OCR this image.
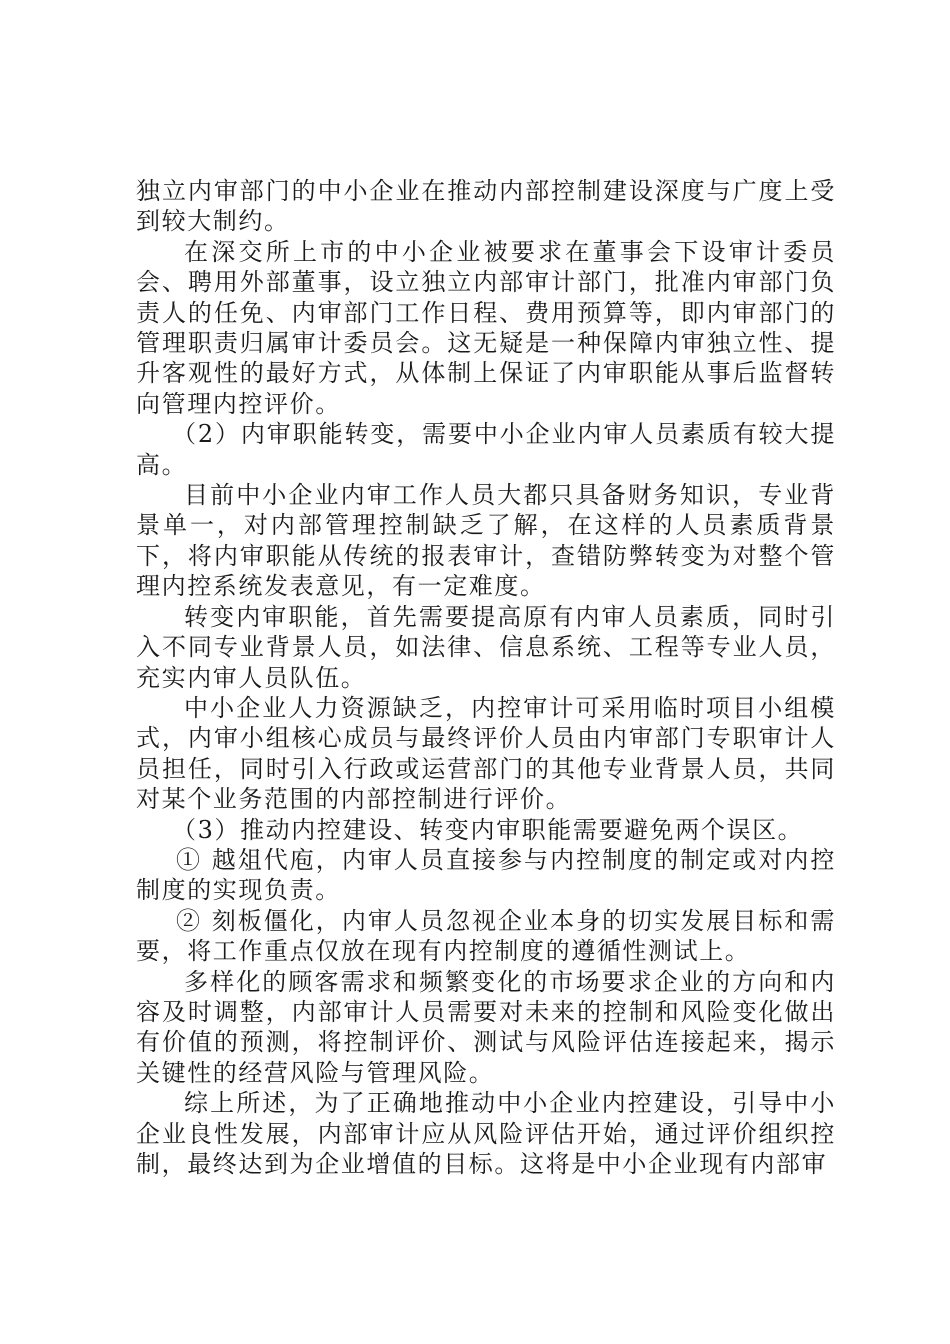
独立内审部门的中小企业在推动内部控制建设深度与广度上受到较大制约。

在深交所上市的中小企业被要求在董事会下设审计委员会、聘用外部董事，设立独立内部审计部门，批准内审部门负责人的任免、内审部门工作日程、费用预算等，即内审部门的管理职责归属审计委员会。这无疑是一种保障内审独立性、提升客观性的最好方式，从体制上保证了内审职能从事后监督转向管理内控评价。

（2）内审职能转变，需要中小企业内审人员素质有较大提高。

目前中小企业内审工作人员大都只具备财务知识，专业背景单一，对内部管理控制缺乏了解，在这样的人员素质背景下，将内审职能从传统的报表审计，查错防弊转变为对整个管理内控系统发表意见，有一定难度。

转变内审职能，首先需要提高原有内审人员素质，同时引入不同专业背景人员，如法律、信息系统、工程等专业人员，充实内审人员队伍。

中小企业人力资源缺乏，内控审计可采用临时项目小组模式，内审小组核心成员与最终评价人员由内审部门专职审计人员担任，同时引入行政或运营部门的其他专业背景人员，共同对某个业务范围的内部控制进行评价。

（3）推动内控建设、转变内审职能需要避免两个误区。

① 越俎代庖，内审人员直接参与内控制度的制定或对内控制度的实现负责。

② 刻板僵化，内审人员忽视企业本身的切实发展目标和需要，将工作重点仅放在现有内控制度的遵循性测试上。

多样化的顾客需求和频繁变化的市场要求企业的方向和内容及时调整，内部审计人员需要对未来的控制和风险变化做出有价值的预测，将控制评价、测试与风险评估连接起来，揭示关键性的经营风险与管理风险。

综上所述，为了正确地推动中小企业内控建设，引导中小企业良性发展，内部审计应从风险评估开始，通过评价组织控制，最终达到为企业增值的目标。这将是中小企业现有内部审
